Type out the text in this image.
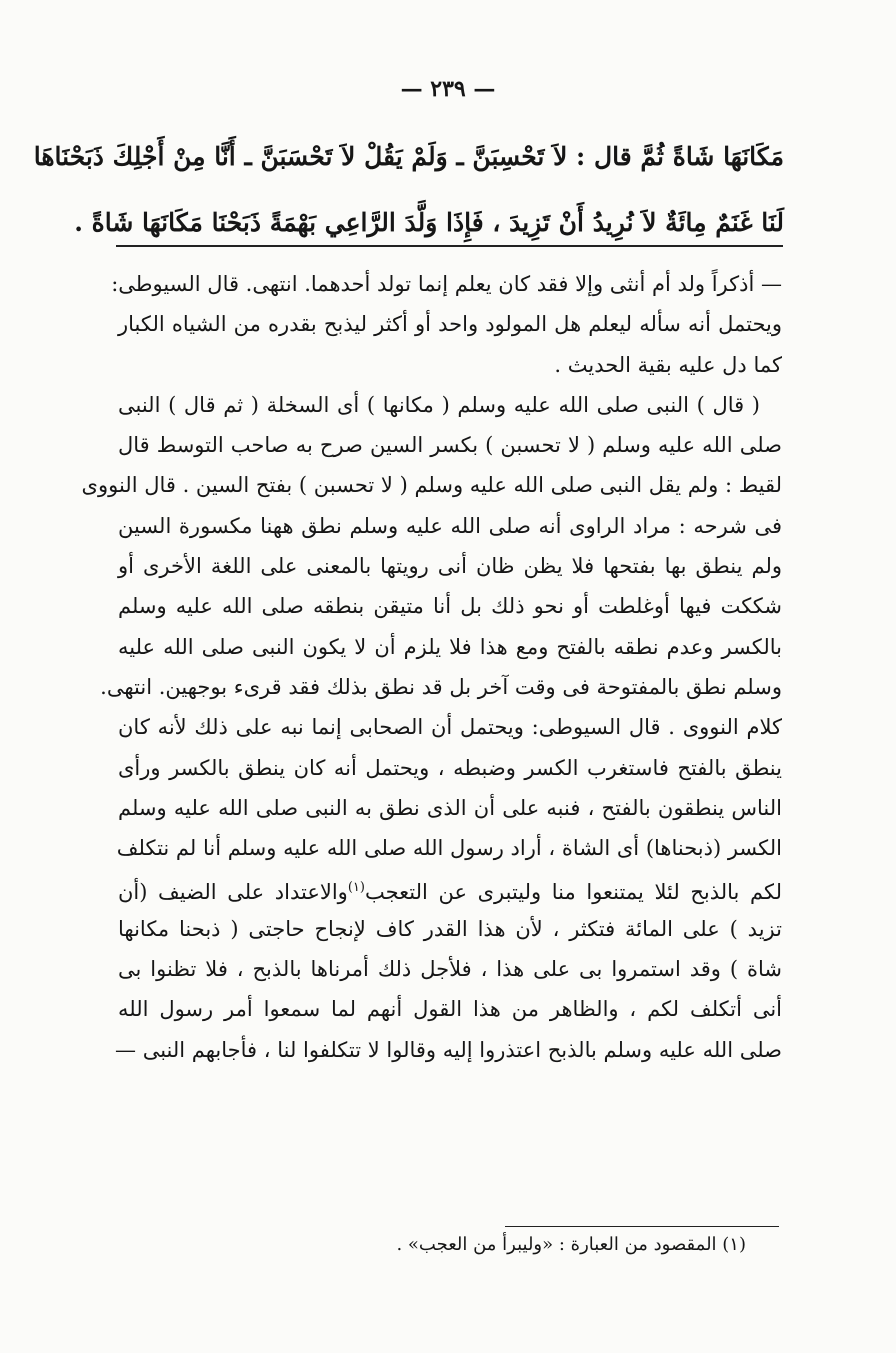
— ٢٣٩ —
مَكَانَهَا شَاةً ثُمَّ قال : لاَ تَحْسِبَنَّ ـ وَلَمْ يَقُلْ لاَ تَحْسَبَنَّ ـ أَنَّا مِنْ أَجْلِكَ ذَبَحْنَاهَا
لَنَا غَنَمٌ مِائَةٌ لاَ نُرِيدُ أَنْ تَزِيدَ ، فَإِذَا وَلَّدَ الرَّاعِي بَهْمَةً ذَبَحْنَا مَكَانَهَا شَاةً .
— أذكراً ولد أم أنثى وإلا فقد كان يعلم إنما تولد أحدهما. انتهى. قال السيوطى:
ويحتمل أنه سأله ليعلم هل المولود واحد أو أكثر ليذبح بقدره من الشياه الكبار
كما دل عليه بقية الحديث .
( قال ) النبى صلى الله عليه وسلم ( مكانها ) أى السخلة ( ثم قال ) النبى
صلى الله عليه وسلم ( لا تحسبن ) بكسر السين صرح به صاحب التوسط قال
لقيط : ولم يقل النبى صلى الله عليه وسلم ( لا تحسبن ) بفتح السين . قال النووى
فى شرحه : مراد الراوى أنه صلى الله عليه وسلم نطق ههنا مكسورة السين
ولم ينطق بها بفتحها فلا يظن ظان أنى رويتها بالمعنى على اللغة الأخرى أو
شككت فيها أوغلطت أو نحو ذلك بل أنا متيقن بنطقه صلى الله عليه وسلم
بالكسر وعدم نطقه بالفتح ومع هذا فلا يلزم أن لا يكون النبى صلى الله عليه
وسلم نطق بالمفتوحة فى وقت آخر بل قد نطق بذلك فقد قرىء بوجهين. انتهى.
كلام النووى . قال السيوطى: ويحتمل أن الصحابى إنما نبه على ذلك لأنه كان
ينطق بالفتح فاستغرب الكسر وضبطه ، ويحتمل أنه كان ينطق بالكسر ورأى
الناس ينطقون بالفتح ، فنبه على أن الذى نطق به النبى صلى الله عليه وسلم
الكسر (ذبحناها) أى الشاة ، أراد رسول الله صلى الله عليه وسلم أنا لم نتكلف
لكم بالذبح لئلا يمتنعوا منا وليتبرى عن التعجب$^{(١)}$والاعتداد على الضيف (أن
تزيد ) على المائة فتكثر ، لأن هذا القدر كاف لإنجاح حاجتى ( ذبحنا مكانها
شاة ) وقد استمروا بى على هذا ، فلأجل ذلك أمرناها بالذبح ، فلا تظنوا بى
أنى أتكلف لكم ، والظاهر من هذا القول أنهم لما سمعوا أمر رسول الله
صلى الله عليه وسلم بالذبح اعتذروا إليه وقالوا لا تتكلفوا لنا ، فأجابهم النبى —
(١) المقصود من العبارة : «وليبرأ من العجب» .
